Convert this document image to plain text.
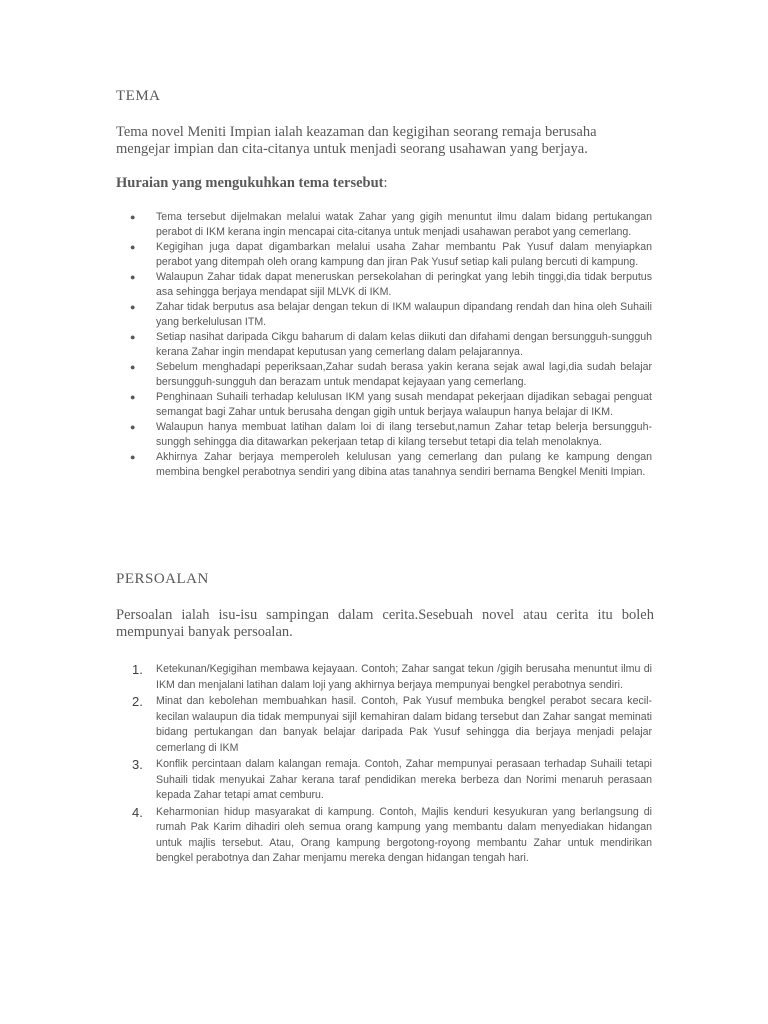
TEMA
Tema novel Meniti Impian ialah keazaman dan kegigihan seorang remaja berusaha mengejar impian dan cita-citanya untuk menjadi seorang usahawan yang berjaya.
Huraian yang mengukuhkan tema tersebut:
● Tema tersebut dijelmakan melalui watak Zahar yang gigih menuntut ilmu dalam bidang pertukangan perabot di IKM kerana ingin mencapai cita-citanya untuk menjadi usahawan perabot yang cemerlang.
● Kegigihan juga dapat digambarkan melalui usaha Zahar membantu Pak Yusuf dalam menyiapkan perabot yang ditempah oleh orang kampung dan jiran Pak Yusuf setiap kali pulang bercuti di kampung.
● Walaupun Zahar tidak dapat meneruskan persekolahan di peringkat yang lebih tinggi,dia tidak berputus asa sehingga berjaya mendapat sijil MLVK di IKM.
● Zahar tidak berputus asa belajar dengan tekun di IKM walaupun dipandang rendah dan hina oleh Suhaili yang berkelulusan ITM.
● Setiap nasihat daripada Cikgu baharum di dalam kelas diikuti dan difahami dengan bersungguh-sungguh kerana Zahar ingin mendapat keputusan yang cemerlang dalam pelajarannya.
● Sebelum menghadapi peperiksaan,Zahar sudah berasa yakin kerana sejak awal lagi,dia sudah belajar bersungguh-sungguh dan berazam untuk mendapat kejayaan yang cemerlang.
● Penghinaan Suhaili terhadap kelulusan IKM yang susah mendapat pekerjaan dijadikan sebagai penguat semangat bagi Zahar untuk berusaha dengan gigih untuk berjaya walaupun hanya belajar di IKM.
● Walaupun hanya membuat latihan dalam loi di ilang tersebut,namun Zahar tetap belerja bersungguh-sunggh sehingga dia ditawarkan pekerjaan tetap di kilang tersebut tetapi dia telah menolaknya.
● Akhirnya Zahar berjaya memperoleh kelulusan yang cemerlang dan pulang ke kampung dengan membina bengkel perabotnya sendiri yang dibina atas tanahnya sendiri bernama Bengkel Meniti Impian.
PERSOALAN
Persoalan ialah isu-isu sampingan dalam cerita.Sesebuah novel atau cerita itu boleh mempunyai banyak persoalan.
1. Ketekunan/Kegigihan membawa kejayaan. Contoh; Zahar sangat tekun /gigih berusaha menuntut ilmu di IKM dan menjalani latihan dalam loji yang akhirnya berjaya mempunyai bengkel perabotnya sendiri.
2. Minat dan kebolehan membuahkan hasil. Contoh, Pak Yusuf membuka bengkel perabot secara kecil-kecilan walaupun dia tidak mempunyai sijil kemahiran dalam bidang tersebut dan Zahar sangat meminati bidang pertukangan dan banyak belajar daripada Pak Yusuf sehingga dia berjaya menjadi pelajar cemerlang di IKM
3. Konflik percintaan dalam kalangan remaja. Contoh, Zahar mempunyai perasaan terhadap Suhaili tetapi Suhaili tidak menyukai Zahar kerana taraf pendidikan mereka berbeza dan Norimi menaruh perasaan kepada Zahar tetapi amat cemburu.
4. Keharmonian hidup masyarakat di kampung. Contoh, Majlis kenduri kesyukuran yang berlangsung di rumah Pak Karim dihadiri oleh semua orang kampung yang membantu dalam menyediakan hidangan untuk majlis tersebut. Atau, Orang kampung bergotong-royong membantu Zahar untuk mendirikan bengkel perabotnya dan Zahar menjamu mereka dengan hidangan tengah hari.
